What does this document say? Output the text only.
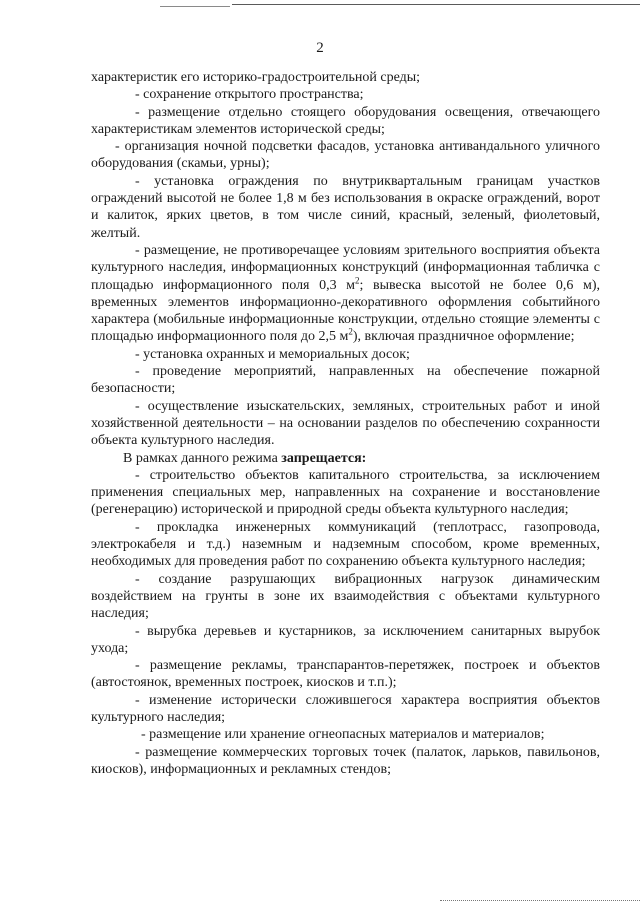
2

характеристик его историко-градостроительной среды;

- сохранение открытого пространства;

- размещение отдельно стоящего оборудования освещения, отвечающего характеристикам элементов исторической среды;

- организация ночной подсветки фасадов, установка антивандального уличного оборудования (скамьи, урны);

- установка ограждения по внутриквартальным границам участков ограждений высотой не более 1,8 м без использования в окраске ограждений, ворот и калиток, ярких цветов, в том числе синий, красный, зеленый, фиолетовый, желтый.

- размещение, не противоречащее условиям зрительного восприятия объекта культурного наследия, информационных конструкций (информационная табличка с площадью информационного поля 0,3 $м^2$; вывеска высотой не более 0,6 м), временных элементов информационно-декоративного оформления событийного характера (мобильные информационные конструкции, отдельно стоящие элементы с площадью информационного поля до 2,5 $м^2$), включая праздничное оформление;

- установка охранных и мемориальных досок;

- проведение мероприятий, направленных на обеспечение пожарной безопасности;

- осуществление изыскательских, земляных, строительных работ и иной хозяйственной деятельности – на основании разделов по обеспечению сохранности объекта культурного наследия.

В рамках данного режима запрещается:

- строительство объектов капитального строительства, за исключением применения специальных мер, направленных на сохранение и восстановление (регенерацию) исторической и природной среды объекта культурного наследия;

- прокладка инженерных коммуникаций (теплотрасс, газопровода, электрокабеля и т.д.) наземным и надземным способом, кроме временных, необходимых для проведения работ по сохранению объекта культурного наследия;

- создание разрушающих вибрационных нагрузок динамическим воздействием на грунты в зоне их взаимодействия с объектами культурного наследия;

- вырубка деревьев и кустарников, за исключением санитарных вырубок ухода;

- размещение рекламы, транспарантов-перетяжек, построек и объектов (автостоянок, временных построек, киосков и т.п.);

- изменение исторически сложившегося характера восприятия объектов культурного наследия;

- размещение или хранение огнеопасных материалов и материалов;

- размещение коммерческих торговых точек (палаток, ларьков, павильонов, киосков), информационных и рекламных стендов;
